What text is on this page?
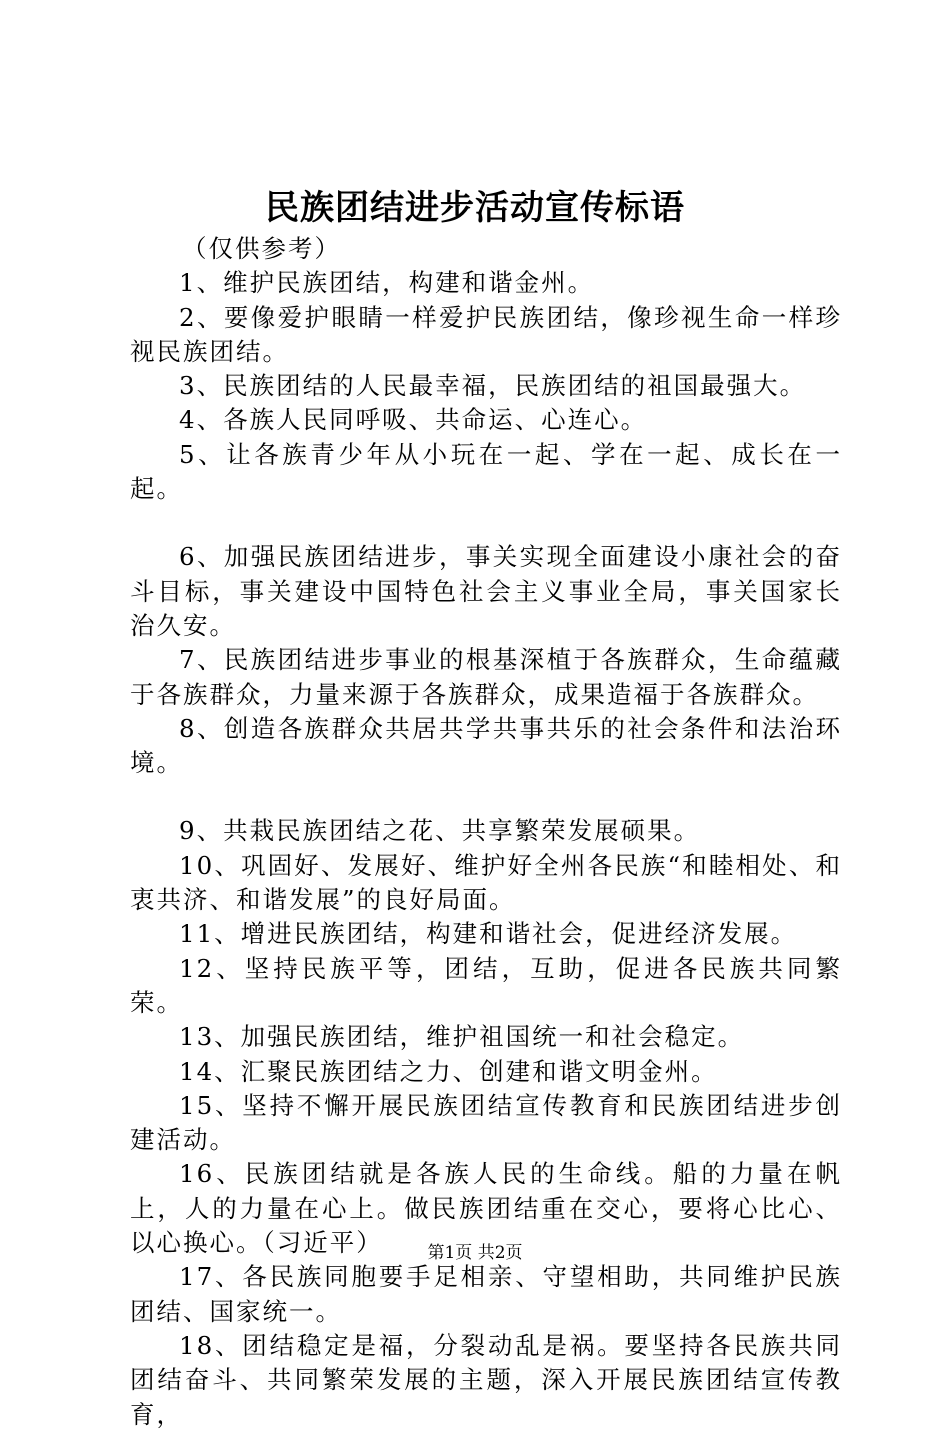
民族团结进步活动宣传标语

（仅供参考）

1、维护民族团结，构建和谐金州。

2、要像爱护眼睛一样爱护民族团结，像珍视生命一样珍视民族团结。

3、民族团结的人民最幸福，民族团结的祖国最强大。

4、各族人民同呼吸、共命运、心连心。

5、让各族青少年从小玩在一起、学在一起、成长在一起。

6、加强民族团结进步，事关实现全面建设小康社会的奋斗目标，事关建设中国特色社会主义事业全局，事关国家长治久安。

7、民族团结进步事业的根基深植于各族群众，生命蕴藏于各族群众，力量来源于各族群众，成果造福于各族群众。

8、创造各族群众共居共学共事共乐的社会条件和法治环境。

9、共栽民族团结之花、共享繁荣发展硕果。

10、巩固好、发展好、维护好全州各民族“和睦相处、和衷共济、和谐发展”的良好局面。

11、增进民族团结，构建和谐社会，促进经济发展。

12、坚持民族平等，团结，互助，促进各民族共同繁荣。

13、加强民族团结，维护祖国统一和社会稳定。

14、汇聚民族团结之力、创建和谐文明金州。

15、坚持不懈开展民族团结宣传教育和民族团结进步创建活动。

16、民族团结就是各族人民的生命线。船的力量在帆上，人的力量在心上。做民族团结重在交心，要将心比心、以心换心。（习近平）

17、各民族同胞要手足相亲、守望相助，共同维护民族团结、国家统一。

18、团结稳定是福，分裂动乱是祸。要坚持各民族共同团结奋斗、共同繁荣发展的主题，深入开展民族团结宣传教育，

第1页 共2页
